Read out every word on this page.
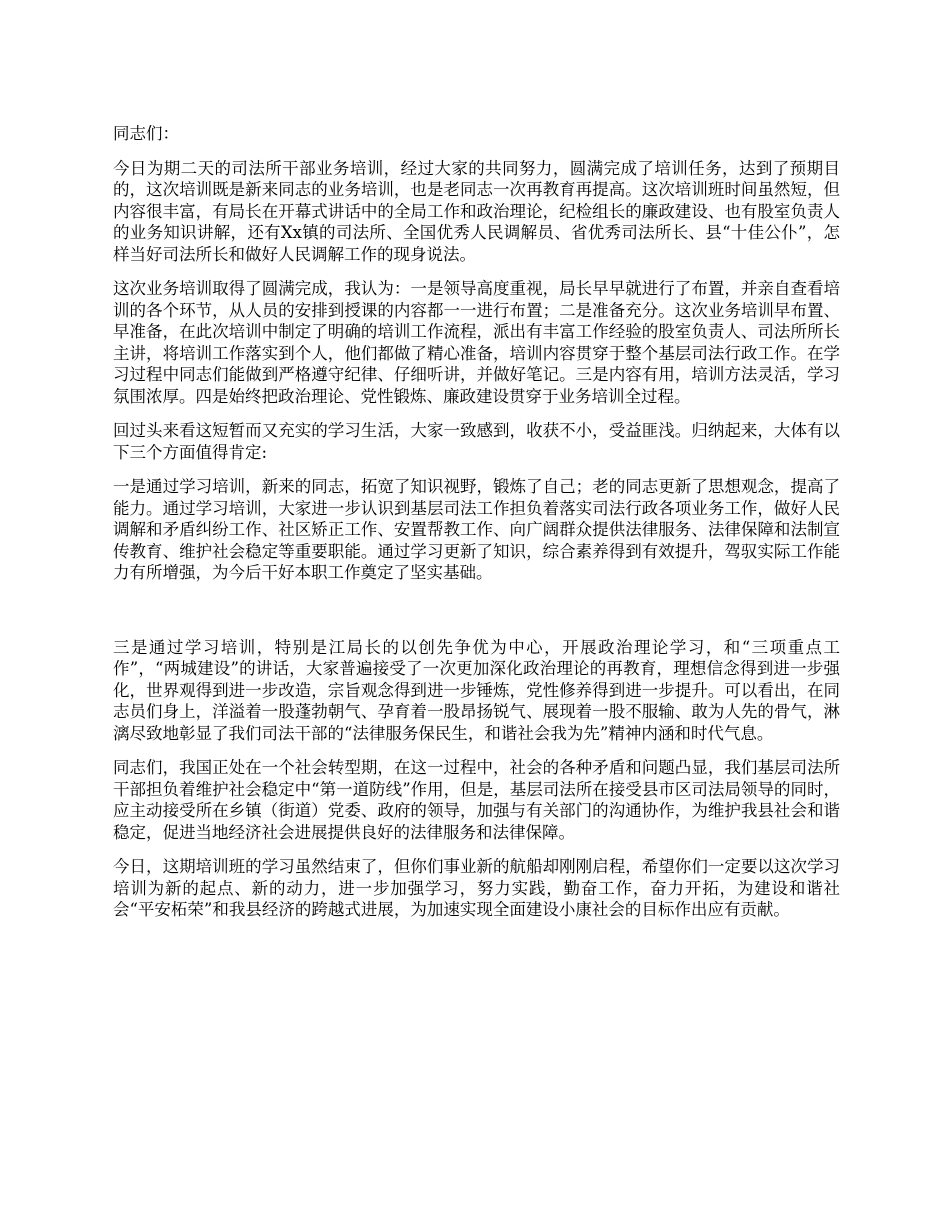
同志们：

今日为期二天的司法所干部业务培训，经过大家的共同努力，圆满完成了培训任务，达到了预期目的，这次培训既是新来同志的业务培训，也是老同志一次再教育再提高。这次培训班时间虽然短，但内容很丰富，有局长在开幕式讲话中的全局工作和政治理论，纪检组长的廉政建设、也有股室负责人的业务知识讲解，还有Xx镇的司法所、全国优秀人民调解员、省优秀司法所长、县“十佳公仆”，怎样当好司法所长和做好人民调解工作的现身说法。

这次业务培训取得了圆满完成，我认为：一是领导高度重视，局长早早就进行了布置，并亲自查看培训的各个环节，从人员的安排到授课的内容都一一进行布置；二是准备充分。这次业务培训早布置、早准备，在此次培训中制定了明确的培训工作流程，派出有丰富工作经验的股室负责人、司法所所长主讲，将培训工作落实到个人，他们都做了精心准备，培训内容贯穿于整个基层司法行政工作。在学习过程中同志们能做到严格遵守纪律、仔细听讲，并做好笔记。三是内容有用，培训方法灵活，学习氛围浓厚。四是始终把政治理论、党性锻炼、廉政建设贯穿于业务培训全过程。

回过头来看这短暂而又充实的学习生活，大家一致感到，收获不小，受益匪浅。归纳起来，大体有以下三个方面值得肯定:

一是通过学习培训，新来的同志，拓宽了知识视野，锻炼了自己；老的同志更新了思想观念，提高了能力。通过学习培训，大家进一步认识到基层司法工作担负着落实司法行政各项业务工作，做好人民调解和矛盾纠纷工作、社区矫正工作、安置帮教工作、向广阔群众提供法律服务、法律保障和法制宣传教育、维护社会稳定等重要职能。通过学习更新了知识，综合素养得到有效提升，驾驭实际工作能力有所增强，为今后干好本职工作奠定了坚实基础。

三是通过学习培训，特别是江局长的以创先争优为中心，开展政治理论学习，和“三项重点工作”，“两城建设”的讲话，大家普遍接受了一次更加深化政治理论的再教育，理想信念得到进一步强化，世界观得到进一步改造，宗旨观念得到进一步锤炼，党性修养得到进一步提升。可以看出，在同志员们身上，洋溢着一股蓬勃朝气、孕育着一股昂扬锐气、展现着一股不服输、敢为人先的骨气，淋漓尽致地彰显了我们司法干部的“法律服务保民生，和谐社会我为先”精神内涵和时代气息。

同志们，我国正处在一个社会转型期，在这一过程中，社会的各种矛盾和问题凸显，我们基层司法所干部担负着维护社会稳定中“第一道防线”作用，但是，基层司法所在接受县市区司法局领导的同时，应主动接受所在乡镇（街道）党委、政府的领导，加强与有关部门的沟通协作，为维护我县社会和谐稳定，促进当地经济社会进展提供良好的法律服务和法律保障。

今日，这期培训班的学习虽然结束了，但你们事业新的航船却刚刚启程，希望你们一定要以这次学习培训为新的起点、新的动力，进一步加强学习，努力实践，勤奋工作，奋力开拓，为建设和谐社会“平安柘荣”和我县经济的跨越式进展，为加速实现全面建设小康社会的目标作出应有贡献。
